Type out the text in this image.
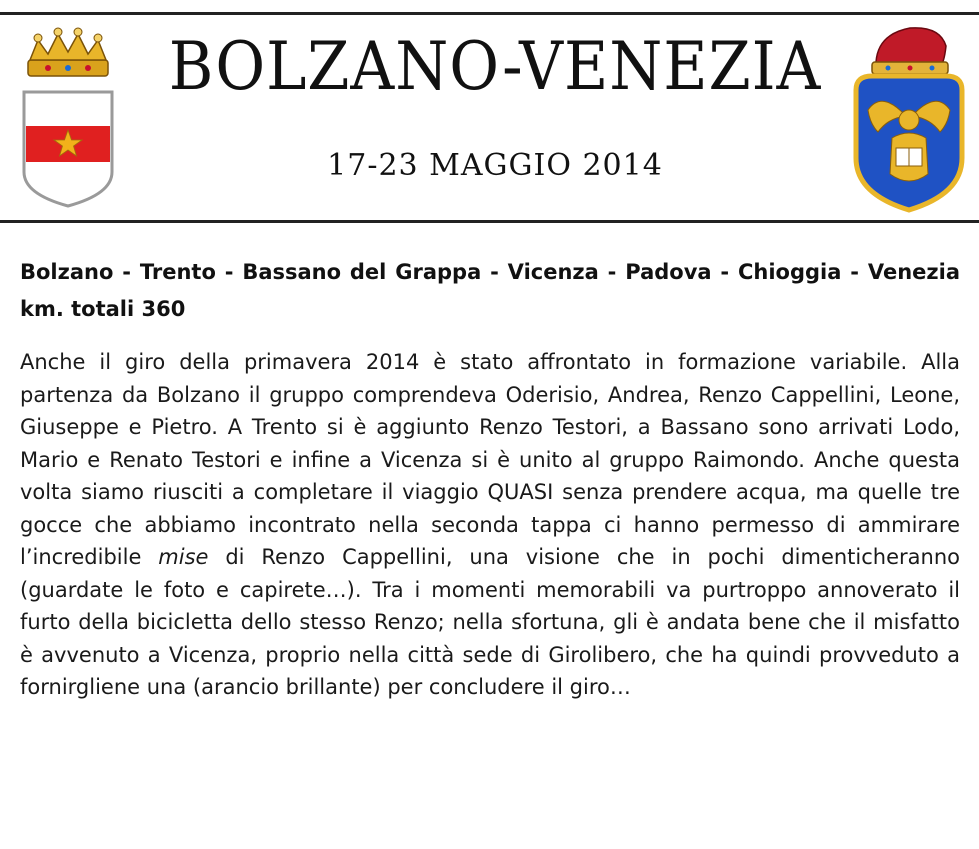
BOLZANO-VENEZIA
17-23 MAGGIO 2014
Bolzano - Trento - Bassano del Grappa - Vicenza - Padova - Chioggia - Venezia km. totali 360
Anche il giro della primavera 2014 è stato affrontato in formazione variabile. Alla partenza da Bolzano il gruppo comprendeva Oderisio, Andrea, Renzo Cappellini, Leone, Giuseppe e Pietro. A Trento si è aggiunto Renzo Testori, a Bassano sono arrivati Lodo, Mario e Renato Testori e infine a Vicenza si è unito al gruppo Raimondo. Anche questa volta siamo riusciti a completare il viaggio QUASI senza prendere acqua, ma quelle tre gocce che abbiamo incontrato nella seconda tappa ci hanno permesso di ammirare l’incredibile mise di Renzo Cappellini, una visione che in pochi dimenticheranno (guardate le foto e capirete…). Tra i momenti memorabili va purtroppo annoverato il furto della bicicletta dello stesso Renzo; nella sfortuna, gli è andata bene che il misfatto è avvenuto a Vicenza, proprio nella città sede di Girolibero, che ha quindi provveduto a fornirgliene una (arancio brillante) per concludere il giro…
